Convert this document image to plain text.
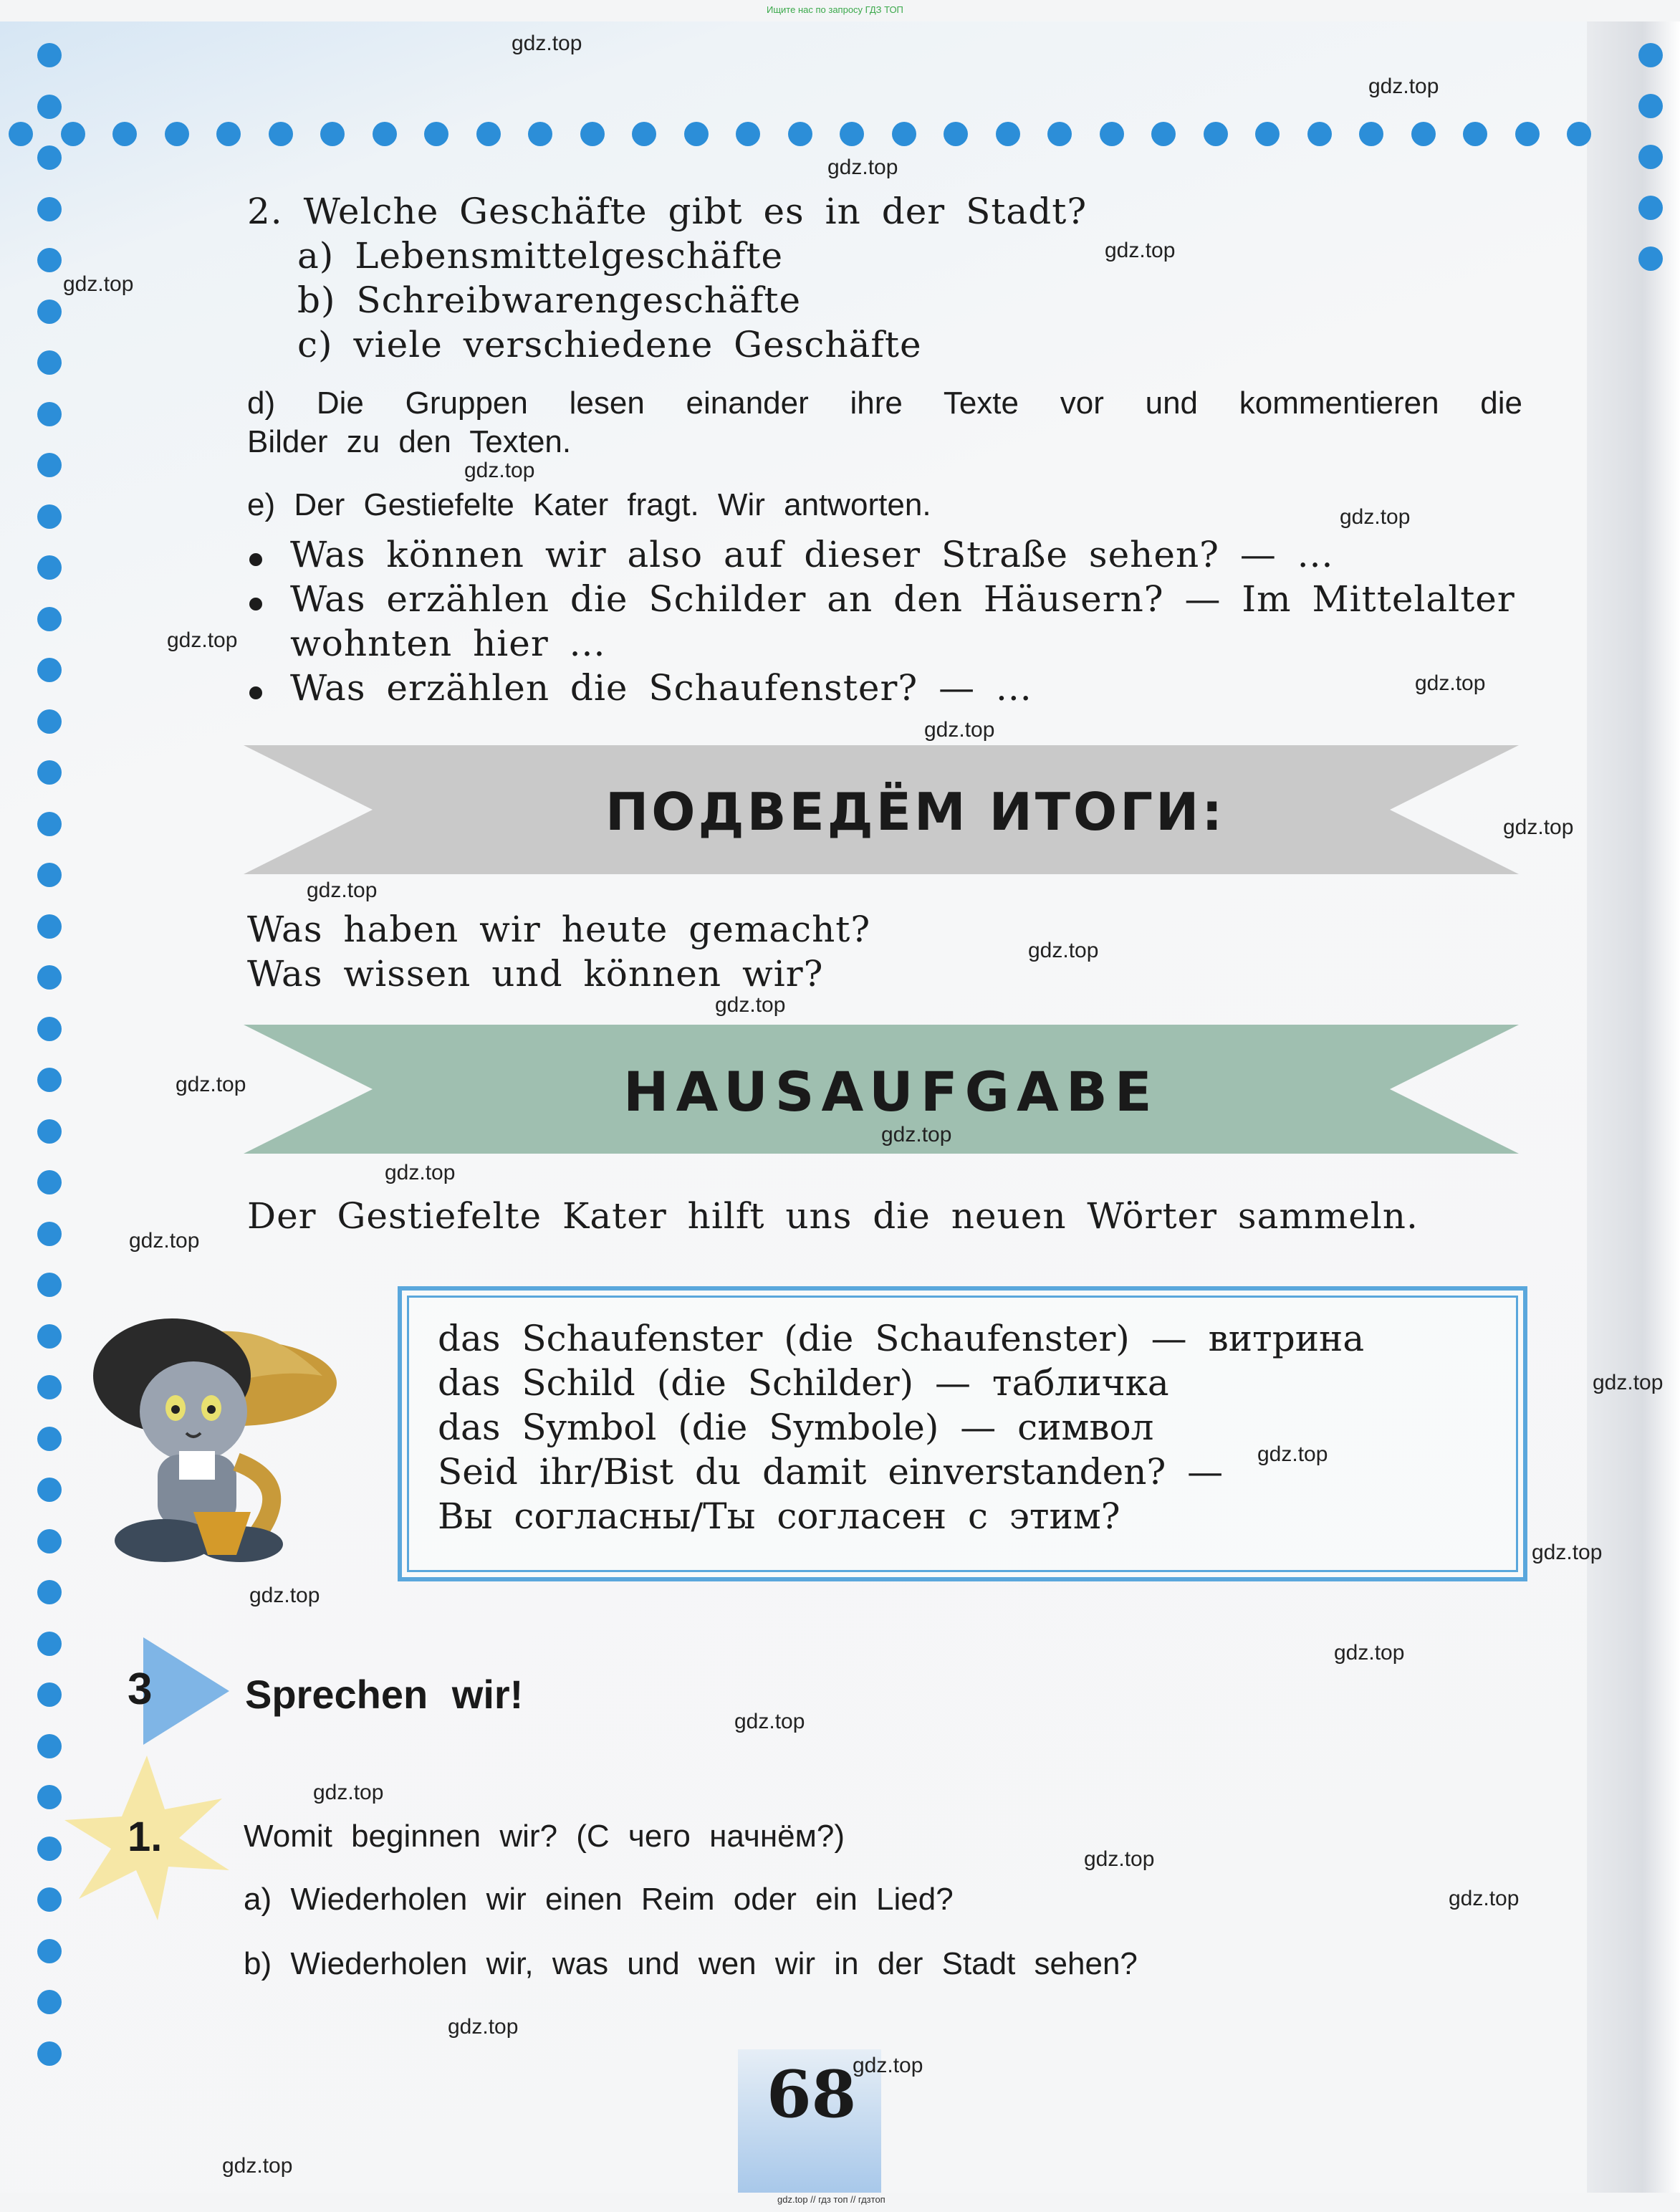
Ищите нас по запросу ГДЗ ТОП
2. Welche Geschäfte gibt es in der Stadt?
a) Lebensmittelgeschäfte
b) Schreibwarengeschäfte
c) viele verschiedene Geschäfte
d) Die Gruppen lesen einander ihre Texte vor und kommentieren die
Bilder zu den Texten.
e) Der Gestiefelte Kater fragt. Wir antworten.
Was können wir also auf dieser Straße sehen? — ...
Was erzählen die Schilder an den Häusern? — Im Mittelalter
wohnten hier ...
Was erzählen die Schaufenster? — ...
ПОДВЕДЁМ ИТОГИ:
Was haben wir heute gemacht?
Was wissen und können wir?
HAUSAUFGABE
Der Gestiefelte Kater hilft uns die neuen Wörter sammeln.
das Schaufenster (die Schaufenster) — витрина
das Schild (die Schilder) — табличка
das Symbol (die Symbole) — символ
Seid ihr/Bist du damit einverstanden? —
Вы согласны/Ты согласен с этим?
3 Sprechen wir!
1.	Womit beginnen wir? (С чего начнём?)
a) Wiederholen wir einen Reim oder ein Lied?
b) Wiederholen wir, was und wen wir in der Stadt sehen?
68
gdz.top // гдз топ // гдзтоп
gdz.top
gdz.top
gdz.top
gdz.top
gdz.top
gdz.top
gdz.top
gdz.top
gdz.top
gdz.top
gdz.top
gdz.top
gdz.top
gdz.top
gdz.top
gdz.top
gdz.top
gdz.top
gdz.top
gdz.top
gdz.top
gdz.top
gdz.top
gdz.top
gdz.top
gdz.top
gdz.top
gdz.top
gdz.top
gdz.top
